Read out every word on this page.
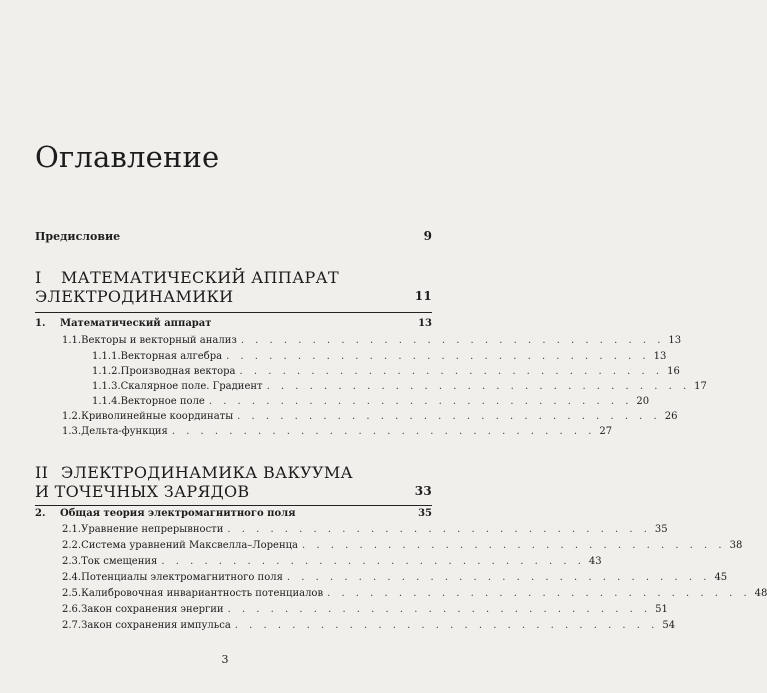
Оглавление
Предисловие	9
I МАТЕМАТИЧЕСКИЙ АППАРАТ
ЭЛЕКТРОДИНАМИКИ	11
1.	Математический аппарат	13
1.1. Векторы и векторный анализ . . . . . . . . . . . . . . . . . . . . . . . . . . . . . . 13
1.1.1. Векторная алгебра . . . . . . . . . . . . . . . . . . . . . . . . . . . . . . 13
1.1.2. Производная вектора . . . . . . . . . . . . . . . . . . . . . . . . . . . . . . 16
1.1.3. Скалярное поле. Градиент . . . . . . . . . . . . . . . . . . . . . . . . . . . . . . 17
1.1.4. Векторное поле . . . . . . . . . . . . . . . . . . . . . . . . . . . . . . 20
1.2. Криволинейные координаты . . . . . . . . . . . . . . . . . . . . . . . . . . . . . . 26
1.3. Дельта-функция . . . . . . . . . . . . . . . . . . . . . . . . . . . . . . 27
II ЭЛЕКТРОДИНАМИКА ВАКУУМА
И ТОЧЕЧНЫХ ЗАРЯДОВ	33
2.	Общая теория электромагнитного поля	35
2.1. Уравнение непрерывности . . . . . . . . . . . . . . . . . . . . . . . . . . . . . . 35
2.2. Система уравнений Максвелла–Лоренца . . . . . . . . . . . . . . . . . . . . . . . . . . . . . . 38
2.3. Ток смещения . . . . . . . . . . . . . . . . . . . . . . . . . . . . . . 43
2.4. Потенциалы электромагнитного поля . . . . . . . . . . . . . . . . . . . . . . . . . . . . . . 45
2.5. Калибровочная инвариантность потенциалов . . . . . . . . . . . . . . . . . . . . . . . . . . . . . . 48
2.6. Закон сохранения энергии . . . . . . . . . . . . . . . . . . . . . . . . . . . . . . 51
2.7. Закон сохранения импульса . . . . . . . . . . . . . . . . . . . . . . . . . . . . . . 54
3
